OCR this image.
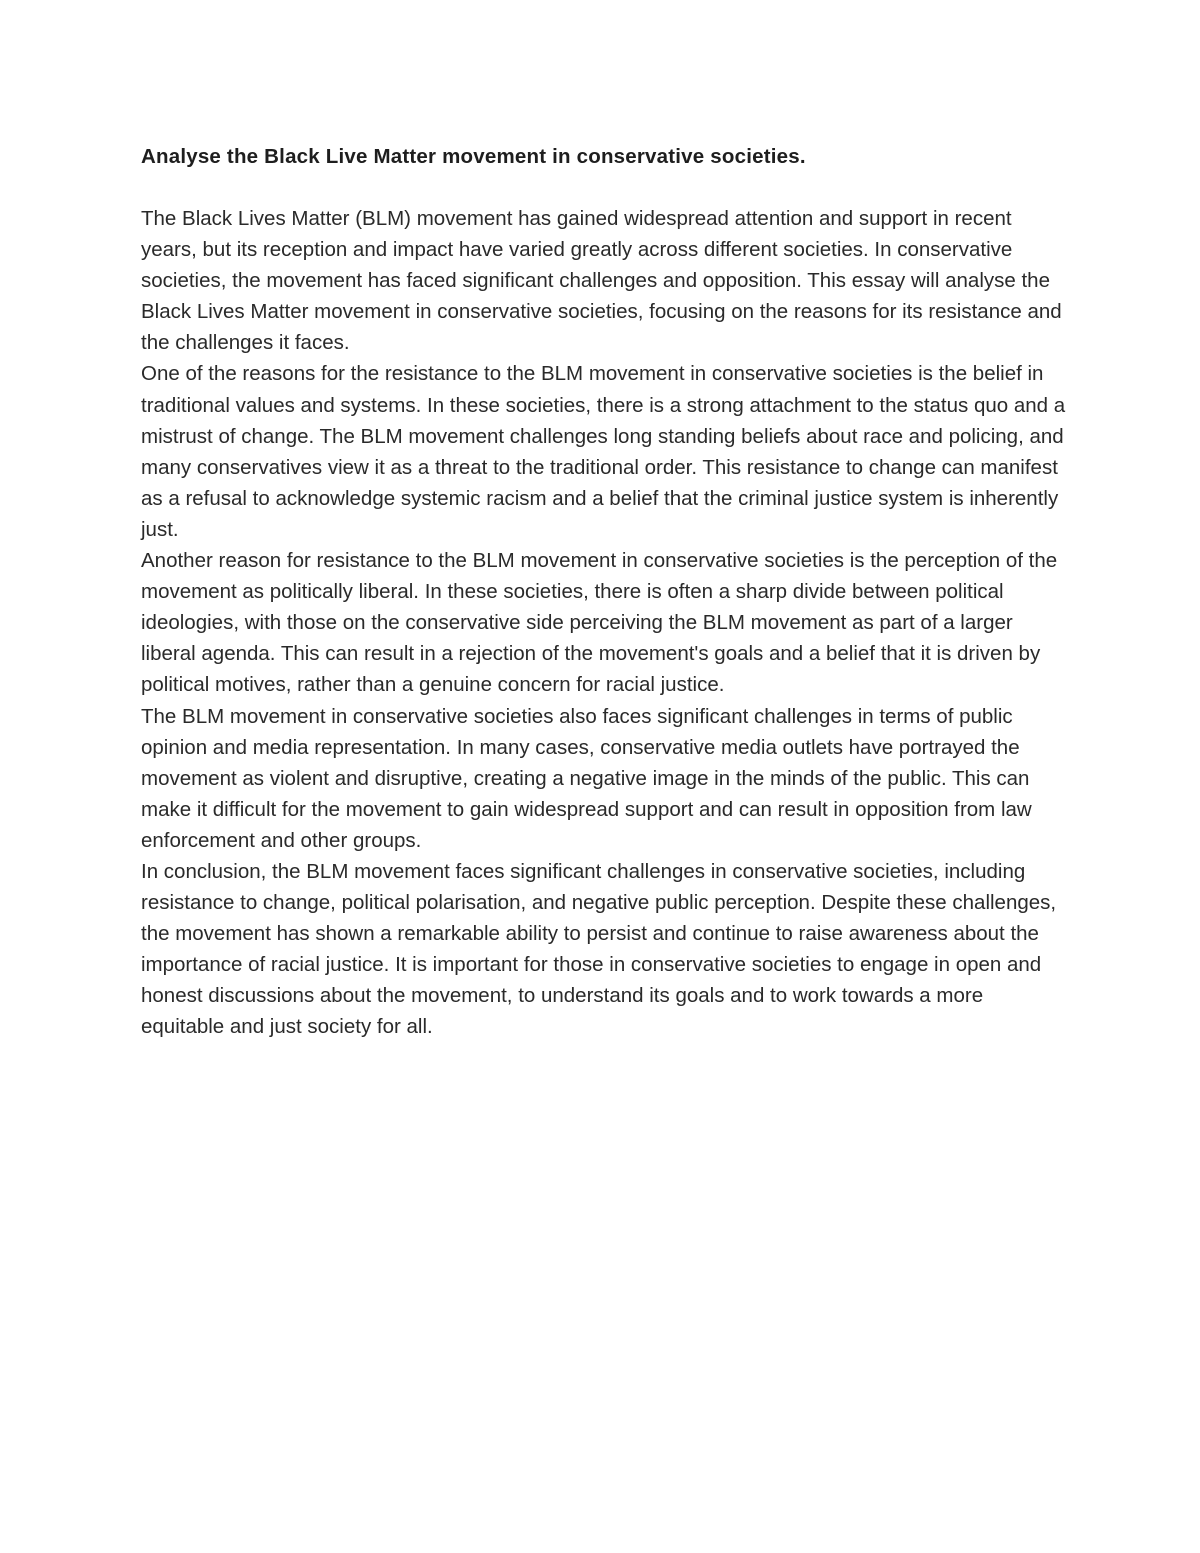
Analyse the Black Live Matter movement in conservative societies.

The Black Lives Matter (BLM) movement has gained widespread attention and support in recent years, but its reception and impact have varied greatly across different societies. In conservative societies, the movement has faced significant challenges and opposition. This essay will analyse the Black Lives Matter movement in conservative societies, focusing on the reasons for its resistance and the challenges it faces.

One of the reasons for the resistance to the BLM movement in conservative societies is the belief in traditional values and systems. In these societies, there is a strong attachment to the status quo and a mistrust of change. The BLM movement challenges long standing beliefs about race and policing, and many conservatives view it as a threat to the traditional order. This resistance to change can manifest as a refusal to acknowledge systemic racism and a belief that the criminal justice system is inherently just.

Another reason for resistance to the BLM movement in conservative societies is the perception of the movement as politically liberal. In these societies, there is often a sharp divide between political ideologies, with those on the conservative side perceiving the BLM movement as part of a larger liberal agenda. This can result in a rejection of the movement's goals and a belief that it is driven by political motives, rather than a genuine concern for racial justice.

The BLM movement in conservative societies also faces significant challenges in terms of public opinion and media representation. In many cases, conservative media outlets have portrayed the movement as violent and disruptive, creating a negative image in the minds of the public. This can make it difficult for the movement to gain widespread support and can result in opposition from law enforcement and other groups.

In conclusion, the BLM movement faces significant challenges in conservative societies, including resistance to change, political polarisation, and negative public perception. Despite these challenges, the movement has shown a remarkable ability to persist and continue to raise awareness about the importance of racial justice. It is important for those in conservative societies to engage in open and honest discussions about the movement, to understand its goals and to work towards a more equitable and just society for all.
